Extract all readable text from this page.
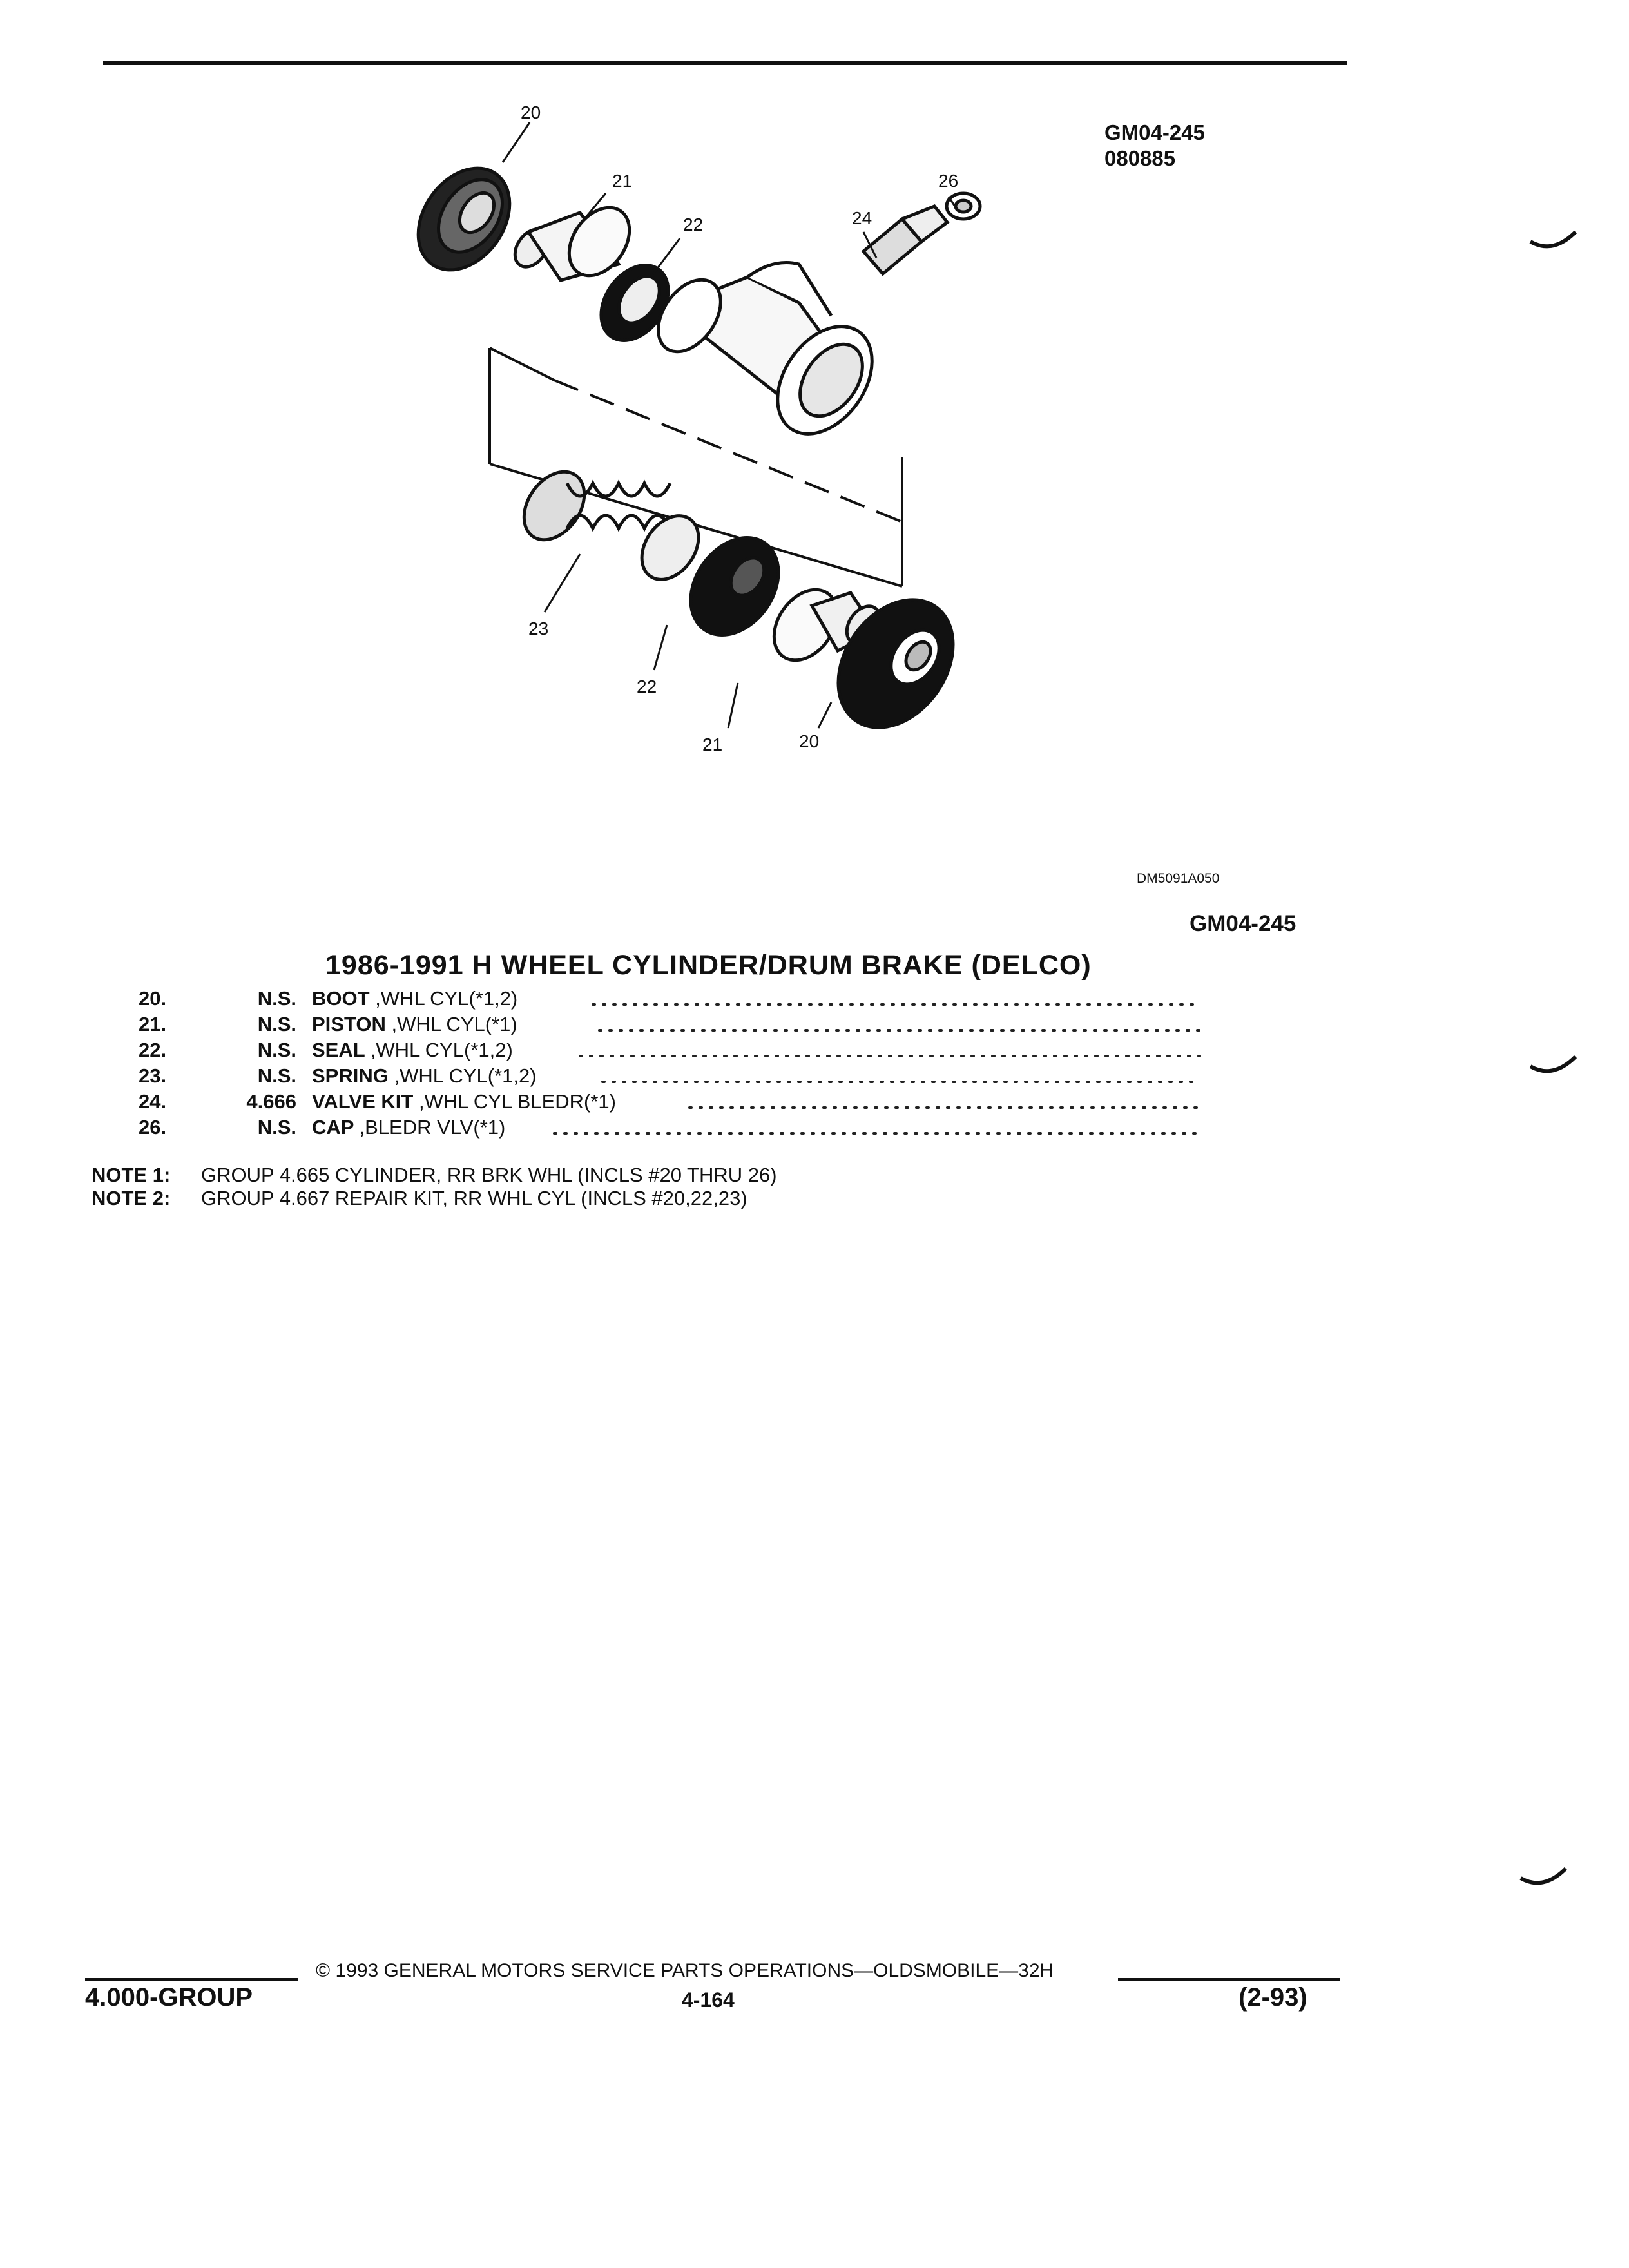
GM04-245
080885
20
21
22	24
26
23
22
21	20
DM5091A050
GM04-245
1986-1991 H WHEEL CYLINDER/DRUM BRAKE (DELCO)
20.	N.S. BOOT ,WHL CYL(*1,2)
21.	N.S. PISTON ,WHL CYL(*1)
22.	N.S. SEAL ,WHL CYL(*1,2)
23.	N.S. SPRING ,WHL CYL(*1,2)
24.	4.666 VALVE KIT ,WHL CYL BLEDR(*1)
26.	N.S. CAP ,BLEDR VLV(*1)
NOTE 1: GROUP 4.665 CYLINDER, RR BRK WHL (INCLS #20 THRU 26)
NOTE 2: GROUP 4.667 REPAIR KIT, RR WHL CYL (INCLS #20,22,23)
© 1993 GENERAL MOTORS SERVICE PARTS OPERATIONS—OLDSMOBILE—32H
4.000-GROUP	4-164	(2-93)
